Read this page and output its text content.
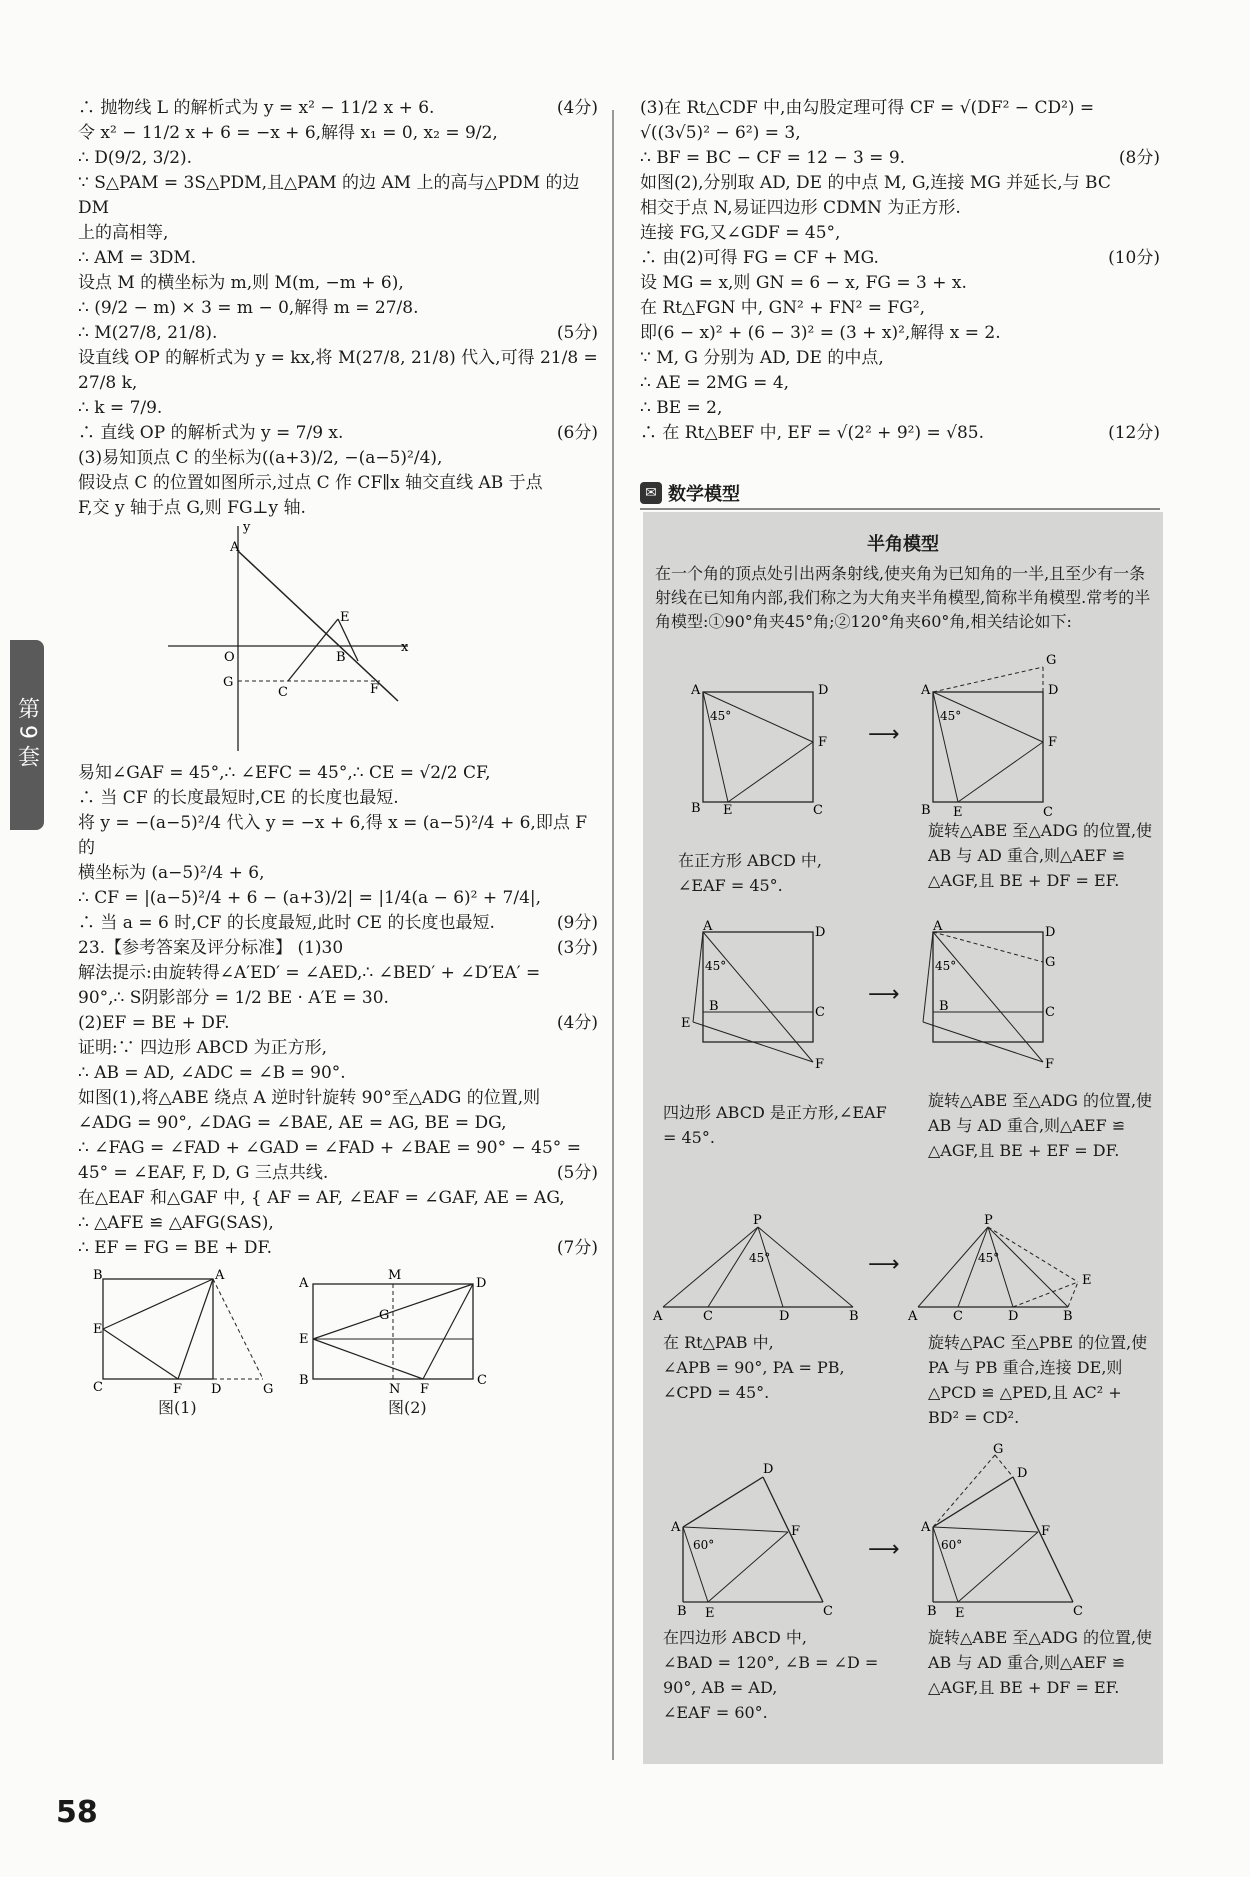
第9套
58
∴ 抛物线 L 的解析式为 y = x² − 11/2 x + 6.	(4分)
令 x² − 11/2 x + 6 = −x + 6,解得 x₁ = 0, x₂ = 9/2,
∴ D(9/2, 3/2).
∵ S△PAM = 3S△PDM,且△PAM 的边 AM 上的高与△PDM 的边 DM
上的高相等,
∴ AM = 3DM.
设点 M 的横坐标为 m,则 M(m, −m + 6),
∴ (9/2 − m) × 3 = m − 0,解得 m = 27/8.
∴ M(27/8, 21/8).	(5分)
设直线 OP 的解析式为 y = kx,将 M(27/8, 21/8) 代入,可得 21/8 = 27/8 k,
∴ k = 7/9.
∴ 直线 OP 的解析式为 y = 7/9 x.	(6分)
(3)易知顶点 C 的坐标为((a+3)/2, −(a−5)²/4),
假设点 C 的位置如图所示,过点 C 作 CF∥x 轴交直线 AB 于点
F,交 y 轴于点 G,则 FG⊥y 轴.
A
y
O	B
E
G
C	F
x
易知∠GAF = 45°,∴ ∠EFC = 45°,∴ CE = √2/2 CF,
∴ 当 CF 的长度最短时,CE 的长度也最短.
将 y = −(a−5)²/4 代入 y = −x + 6,得 x = (a−5)²/4 + 6,即点 F 的
横坐标为 (a−5)²/4 + 6,
∴ CF = |(a−5)²/4 + 6 − (a+3)/2| = |1/4(a − 6)² + 7/4|,
∴ 当 a = 6 时,CF 的长度最短,此时 CE 的长度也最短.	(9分)
23.【参考答案及评分标准】 (1)30	(3分)
解法提示:由旋转得∠A′ED′ = ∠AED,∴ ∠BED′ + ∠D′EA′ =
90°,∴ S阴影部分 = 1/2 BE · A′E = 30.
(2)EF = BE + DF.	(4分)
证明:∵ 四边形 ABCD 为正方形,
∴ AB = AD, ∠ADC = ∠B = 90°.
如图(1),将△ABE 绕点 A 逆时针旋转 90°至△ADG 的位置,则
∠ADG = 90°, ∠DAG = ∠BAE, AE = AG, BE = DG,
∴ ∠FAG = ∠FAD + ∠GAD = ∠FAD + ∠BAE = 90° − 45° =
45° = ∠EAF, F, D, G 三点共线.	(5分)
在△EAF 和△GAF 中, { AF = AF, ∠EAF = ∠GAF, AE = AG,
∴ △AFE ≌ △AFG(SAS),
∴ EF = FG = BE + DF.	(7分)
B	A
E
C	F D	G
A
M
D
E
G
B
N F
C
图(1)	图(2)
(3)在 Rt△CDF 中,由勾股定理可得 CF = √(DF² − CD²) =
√((3√5)² − 6²) = 3,
∴ BF = BC − CF = 12 − 3 = 9.	(8分)
如图(2),分别取 AD, DE 的中点 M, G,连接 MG 并延长,与 BC
相交于点 N,易证四边形 CDMN 为正方形.
连接 FG,又∠GDF = 45°,
∴ 由(2)可得 FG = CF + MG.	(10分)
设 MG = x,则 GN = 6 − x, FG = 3 + x.
在 Rt△FGN 中, GN² + FN² = FG²,
即(6 − x)² + (6 − 3)² = (3 + x)²,解得 x = 2.
∵ M, G 分别为 AD, DE 的中点,
∴ AE = 2MG = 4,
∴ BE = 2,
∴ 在 Rt△BEF 中, EF = √(2² + 9²) = √85.	(12分)
✉ 数学模型
半角模型
在一个角的顶点处引出两条射线,使夹角为已知角的一半,且至少有一条射线在已知角内部,我们称之为大角夹半角模型,简称半角模型.常考的半角模型:①90°角夹45°角;②120°角夹60°角,相关结论如下:
A	D
45°
F
B E	C
⟶
A	D
G
45°
F
B E	C
在正方形 ABCD 中,
∠EAF = 45°.
旋转△ABE 至△ADG 的位置,使 AB 与 AD 重合,则△AEF ≌ △AGF,且 BE + DF = EF.
A	D
45°
B	C
E
F
⟶
A	D
G
45°
B	C
F
四边形 ABCD 是正方形,∠EAF = 45°.
旋转△ABE 至△ADG 的位置,使 AB 与 AD 重合,则△AEF ≌ △AGF,且 BE + EF = DF.
P
45°
A	C	D	B
⟶
P
45°
A	C	D	B
E
在 Rt△PAB 中,
∠APB = 90°, PA = PB,
∠CPD = 45°.
旋转△PAC 至△PBE 的位置,使 PA 与 PB 重合,连接 DE,则△PCD ≌ △PED,且 AC² + BD² = CD².
A
D
60°
F
B E	C
⟶
A
D
G
60°
F
B E	C
在四边形 ABCD 中,
∠BAD = 120°, ∠B = ∠D = 90°, AB = AD,
∠EAF = 60°.
旋转△ABE 至△ADG 的位置,使 AB 与 AD 重合,则△AEF ≌ △AGF,且 BE + DF = EF.
